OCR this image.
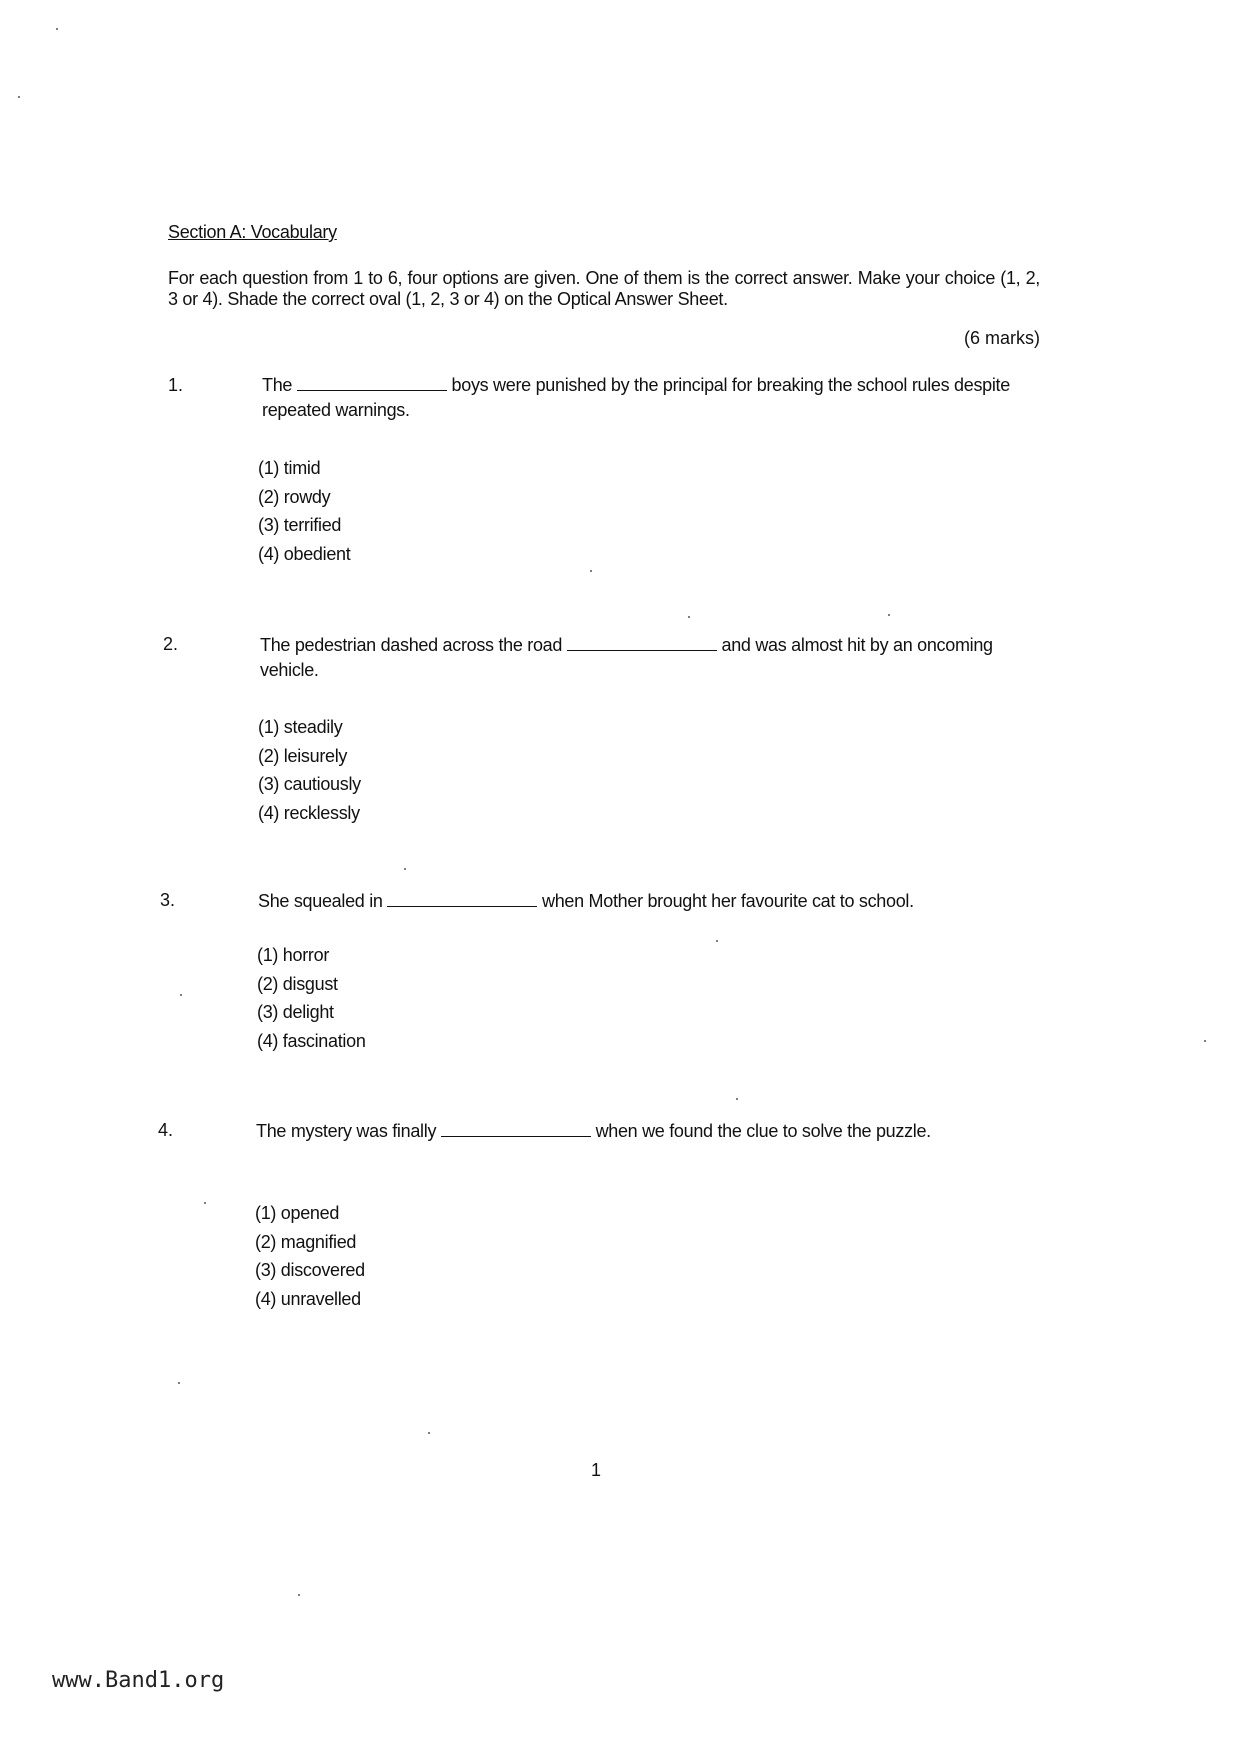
Section A: Vocabulary
For each question from 1 to 6, four options are given. One of them is the correct answer. Make your choice (1, 2, 3 or 4). Shade the correct oval (1, 2, 3 or 4) on the Optical Answer Sheet.
(6 marks)
1.	The	boys were punished by the principal for breaking the school rules despite repeated warnings.
(1) timid
(2) rowdy
(3) terrified
(4) obedient
2.	The pedestrian dashed across the road	and was almost hit by an oncoming vehicle.
(1) steadily
(2) leisurely
(3) cautiously
(4) recklessly
3.	She squealed in	when Mother brought her favourite cat to school.
(1) horror
(2) disgust
(3) delight
(4) fascination
4.	The mystery was finally	when we found the clue to solve the puzzle.
(1) opened
(2) magnified
(3) discovered
(4) unravelled
1
www.Band1.org
